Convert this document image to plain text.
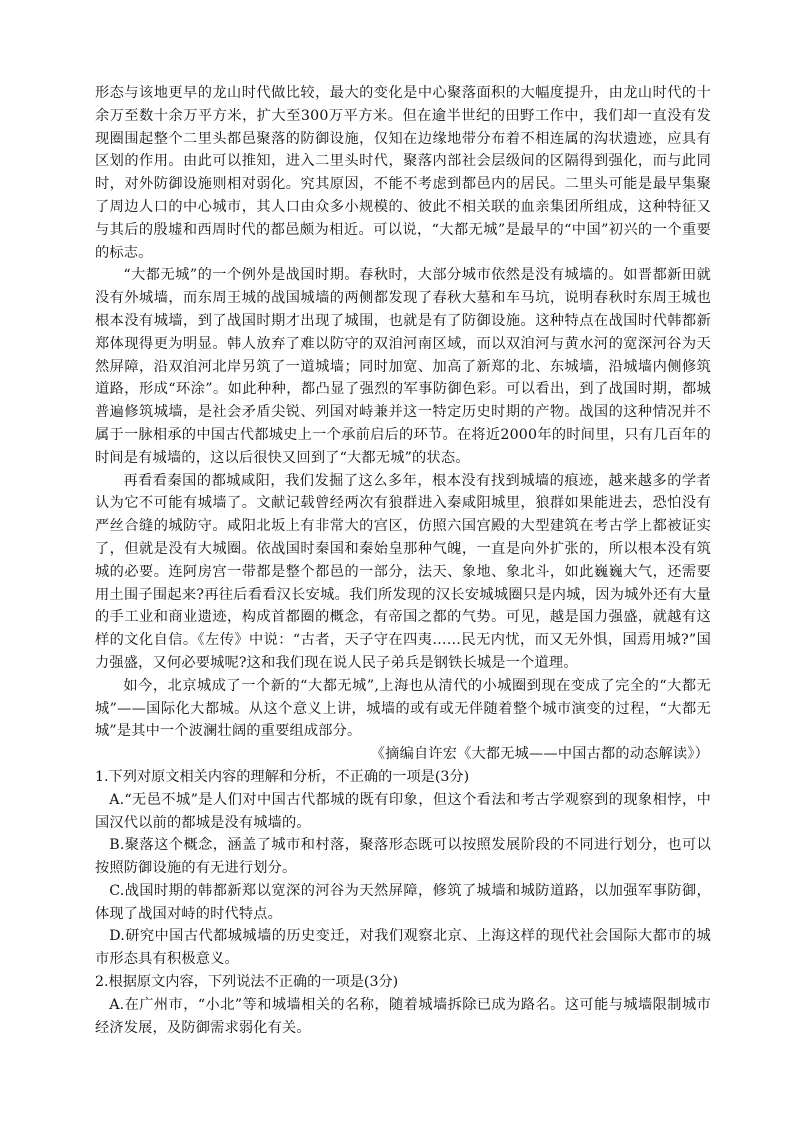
形态与该地更早的龙山时代做比较，最大的变化是中心聚落面积的大幅度提升，由龙山时代的十余万至数十余万平方米，扩大至300万平方米。但在逾半世纪的田野工作中，我们却一直没有发现圈围起整个二里头都邑聚落的防御设施，仅知在边缘地带分布着不相连属的沟状遗迹，应具有区划的作用。由此可以推知，进入二里头时代，聚落内部社会层级间的区隔得到强化，而与此同时，对外防御设施则相对弱化。究其原因，不能不考虑到都邑内的居民。二里头可能是最早集聚了周边人口的中心城市，其人口由众多小规模的、彼此不相关联的血亲集团所组成，这种特征又与其后的殷墟和西周时代的都邑颇为相近。可以说，“大都无城”是最早的“中国”初兴的一个重要的标志。

“大都无城”的一个例外是战国时期。春秋时，大部分城市依然是没有城墙的。如晋都新田就没有外城墙，而东周王城的战国城墙的两侧都发现了春秋大墓和车马坑，说明春秋时东周王城也根本没有城墙，到了战国时期才出现了城围，也就是有了防御设施。这种特点在战国时代韩都新郑体现得更为明显。韩人放弃了难以防守的双洎河南区域，而以双洎河与黄水河的宽深河谷为天然屏障，沿双洎河北岸另筑了一道城墙；同时加宽、加高了新郑的北、东城墙，沿城墙内侧修筑道路，形成“环涂”。如此种种，都凸显了强烈的军事防御色彩。可以看出，到了战国时期，都城普遍修筑城墙，是社会矛盾尖锐、列国对峙兼并这一特定历史时期的产物。战国的这种情况并不属于一脉相承的中国古代都城史上一个承前启后的环节。在将近2000年的时间里，只有几百年的时间是有城墙的，这以后很快又回到了“大都无城”的状态。

再看看秦国的都城咸阳，我们发掘了这么多年，根本没有找到城墙的痕迹，越来越多的学者认为它不可能有城墙了。文献记载曾经两次有狼群进入秦咸阳城里，狼群如果能进去，恐怕没有严丝合缝的城防守。咸阳北坂上有非常大的宫区，仿照六国宫殿的大型建筑在考古学上都被证实了，但就是没有大城圈。依战国时秦国和秦始皇那种气魄，一直是向外扩张的，所以根本没有筑城的必要。连阿房宫一带都是整个都邑的一部分，法天、象地、象北斗，如此巍巍大气，还需要用土围子围起来?再往后看看汉长安城。我们所发现的汉长安城城圈只是内城，因为城外还有大量的手工业和商业遗迹，构成首都圈的概念，有帝国之都的气势。可见，越是国力强盛，就越有这样的文化自信。《左传》中说：“古者，天子守在四夷……民无内忧，而又无外惧，国焉用城?”国力强盛，又何必要城呢?这和我们现在说人民子弟兵是钢铁长城是一个道理。

如今，北京城成了一个新的“大都无城”,上海也从清代的小城圈到现在变成了完全的“大都无城”——国际化大都城。从这个意义上讲，城墙的或有或无伴随着整个城市演变的过程，“大都无城”是其中一个波澜壮阔的重要组成部分。

《摘编自许宏《大都无城——中国古都的动态解读》）

1.下列对原文相关内容的理解和分析，不正确的一项是(3分)

A.“无邑不城”是人们对中国古代都城的既有印象，但这个看法和考古学观察到的现象相悖，中国汉代以前的都城是没有城墙的。

B.聚落这个概念，涵盖了城市和村落，聚落形态既可以按照发展阶段的不同进行划分，也可以按照防御设施的有无进行划分。

C.战国时期的韩都新郑以宽深的河谷为天然屏障，修筑了城墙和城防道路，以加强军事防御，体现了战国对峙的时代特点。

D.研究中国古代都城城墙的历史变迁，对我们观察北京、上海这样的现代社会国际大都市的城市形态具有积极意义。

2.根据原文内容，下列说法不正确的一项是(3分)

A.在广州市，“小北”等和城墙相关的名称，随着城墙拆除已成为路名。这可能与城墙限制城市经济发展，及防御需求弱化有关。
